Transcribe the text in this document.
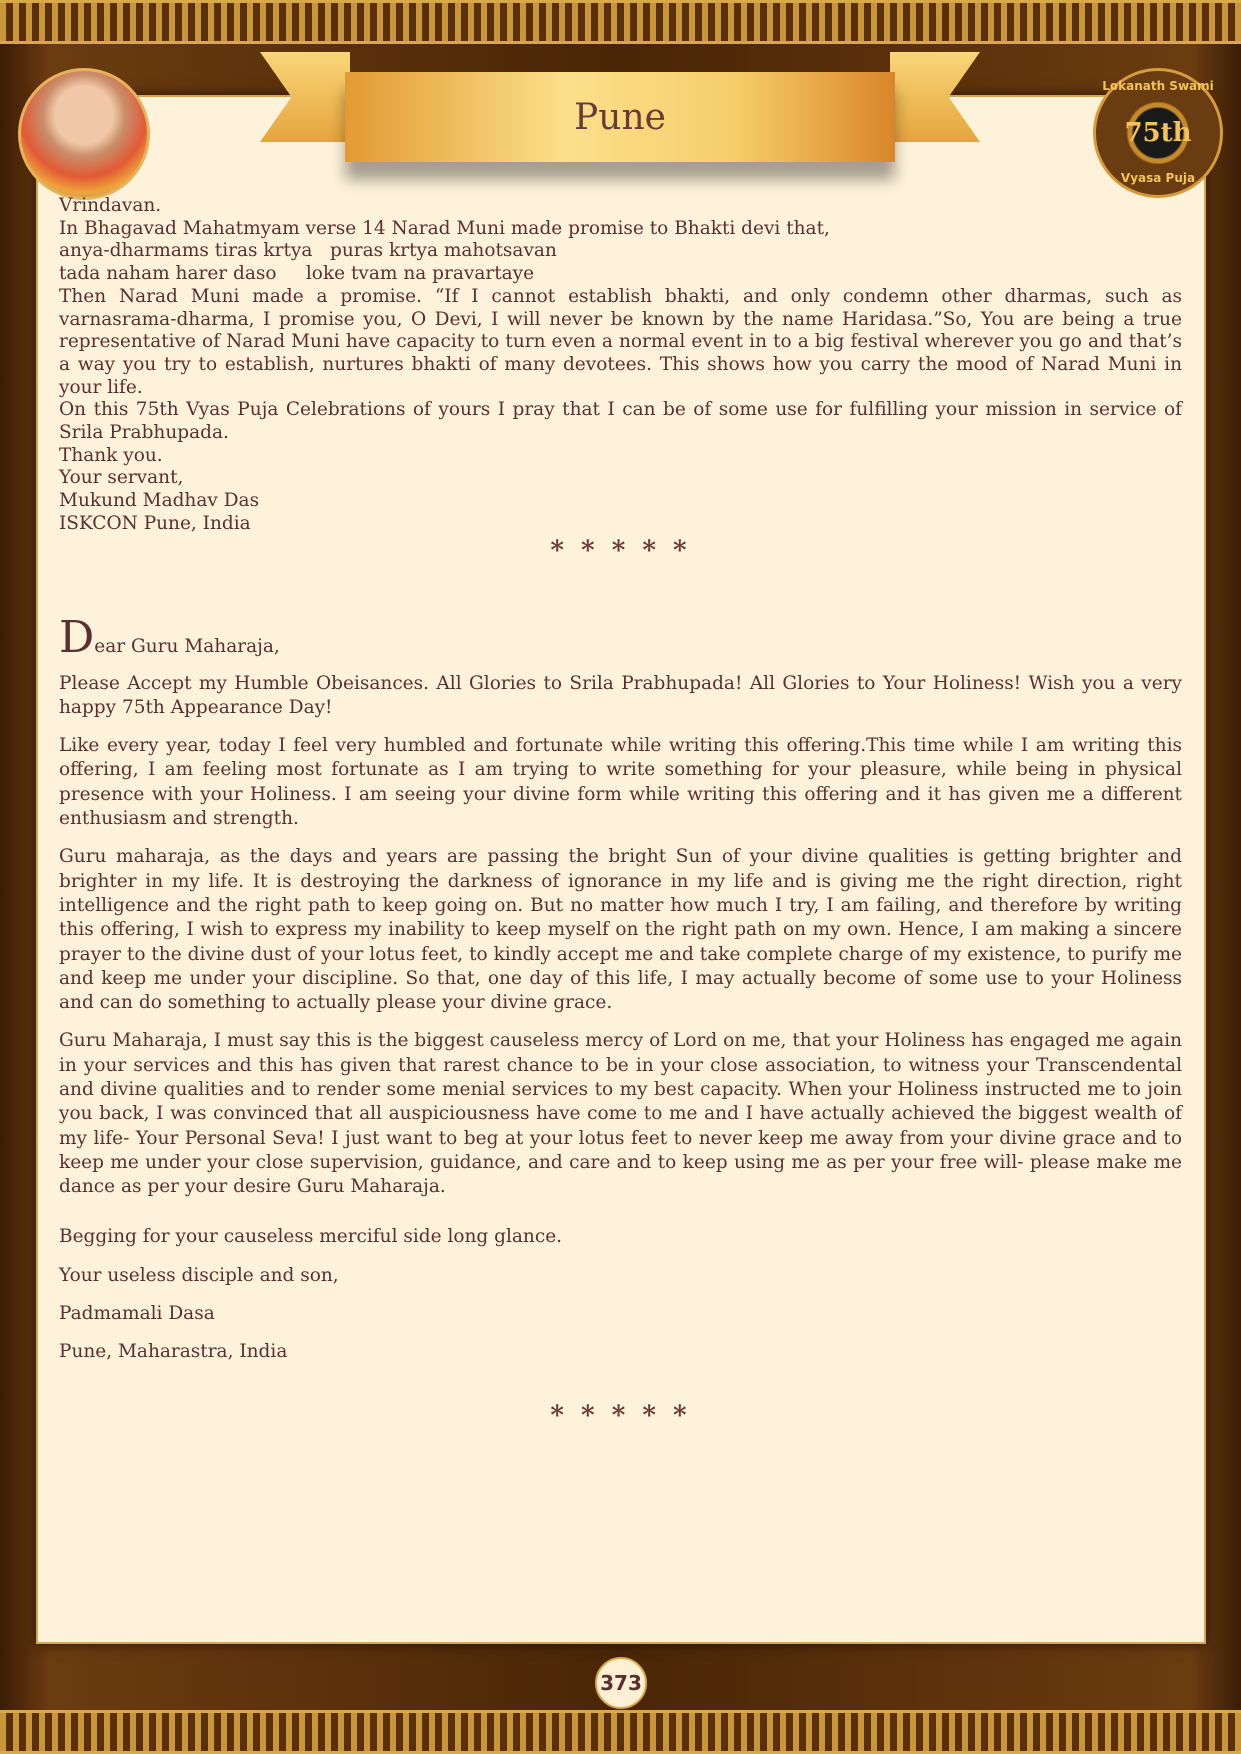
Pune
Lokanath Swami
75th
Vyasa Puja
Vrindavan.
In Bhagavad Mahatmyam verse 14 Narad Muni made promise to Bhakti devi that,
anya-dharmams tiras krtya   puras krtya mahotsavan
tada naham harer daso     loke tvam na pravartaye
Then Narad Muni made a promise. “If I cannot establish bhakti, and only condemn other dharmas, such as varnasrama-dharma, I promise you, O Devi, I will never be known by the name Haridasa.”So, You are being a true representative of Narad Muni have capacity to turn even a normal event in to a big festival wherever you go and that’s a way you try to establish, nurtures bhakti of many devotees. This shows how you carry the mood of Narad Muni in your life.
On this 75th Vyas Puja Celebrations of yours I pray that I can be of some use for fulfilling your mission in service of Srila Prabhupada.
Thank you.
Your servant,
Mukund Madhav Das
ISKCON Pune, India
* * * * *
Dear Guru Maharaja,

Please Accept my Humble Obeisances. All Glories to Srila Prabhupada! All Glories to Your Holiness! Wish you a very happy 75th Appearance Day!

Like every year, today I feel very humbled and fortunate while writing this offering.This time while I am writing this offering, I am feeling most fortunate as I am trying to write something for your pleasure, while being in physical presence with your Holiness. I am seeing your divine form while writing this offering and it has given me a different enthusiasm and strength.

Guru maharaja, as the days and years are passing the bright Sun of your divine qualities is getting brighter and brighter in my life. It is destroying the darkness of ignorance in my life and is giving me the right direction, right intelligence and the right path to keep going on. But no matter how much I try, I am failing, and therefore by writing this offering, I wish to express my inability to keep myself on the right path on my own. Hence, I am making a sincere prayer to the divine dust of your lotus feet, to kindly accept me and take complete charge of my existence, to purify me and keep me under your discipline. So that, one day of this life, I may actually become of some use to your Holiness and can do something to actually please your divine grace.

Guru Maharaja, I must say this is the biggest causeless mercy of Lord on me, that your Holiness has engaged me again in your services and this has given that rarest chance to be in your close association, to witness your Transcendental and divine qualities and to render some menial services to my best capacity. When your Holiness instructed me to join you back, I was convinced that all auspiciousness have come to me and I have actually achieved the biggest wealth of my life- Your Personal Seva! I just want to beg at your lotus feet to never keep me away from your divine grace and to keep me under your close supervision, guidance, and care and to keep using me as per your free will- please make me dance as per your desire Guru Maharaja.

Begging for your causeless merciful side long glance.

Your useless disciple and son,

Padmamali Dasa

Pune, Maharastra, India

* * * * *
373
